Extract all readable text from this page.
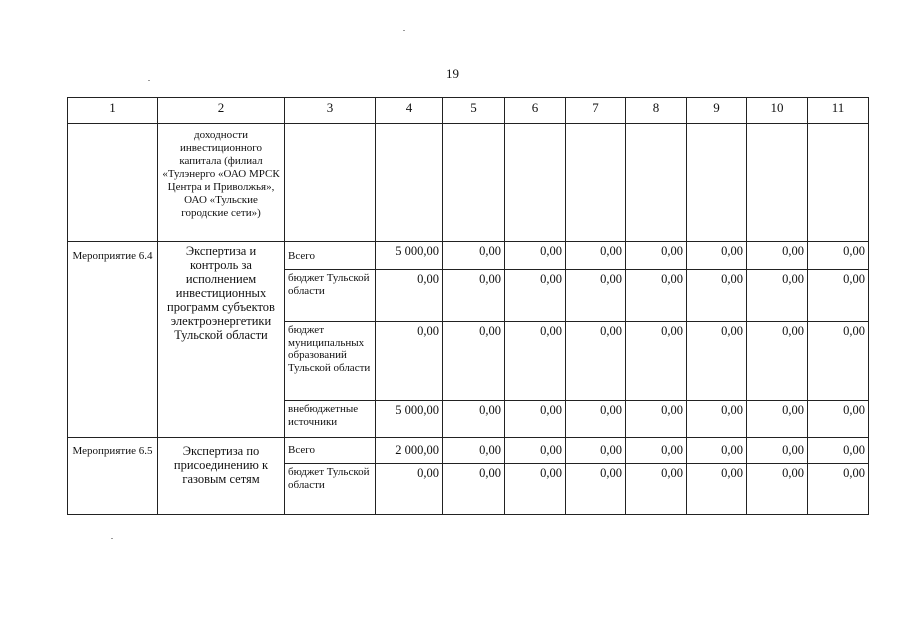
19
1	2	3	4	5	6	7	8	9	10	11
	доходности инвестиционного капитала (филиал «Тулэнерго «ОАО МРСК Центра и Приволжья», ОАО «Тульские городские сети»)									
Мероприятие 6.4	Экспертиза и контроль за исполнением инвестиционных программ субъектов электроэнергетики Тульской области	Всего	5 000,00	0,00	0,00	0,00	0,00	0,00	0,00	0,00
		бюджет Тульской области	0,00	0,00	0,00	0,00	0,00	0,00	0,00	0,00
		бюджет муниципальных образований Тульской области	0,00	0,00	0,00	0,00	0,00	0,00	0,00	0,00
		внебюджетные источники	5 000,00	0,00	0,00	0,00	0,00	0,00	0,00	0,00
Мероприятие 6.5	Экспертиза по присоединению к газовым сетям	Всего	2 000,00	0,00	0,00	0,00	0,00	0,00	0,00	0,00
		бюджет Тульской области	0,00	0,00	0,00	0,00	0,00	0,00	0,00	0,00
